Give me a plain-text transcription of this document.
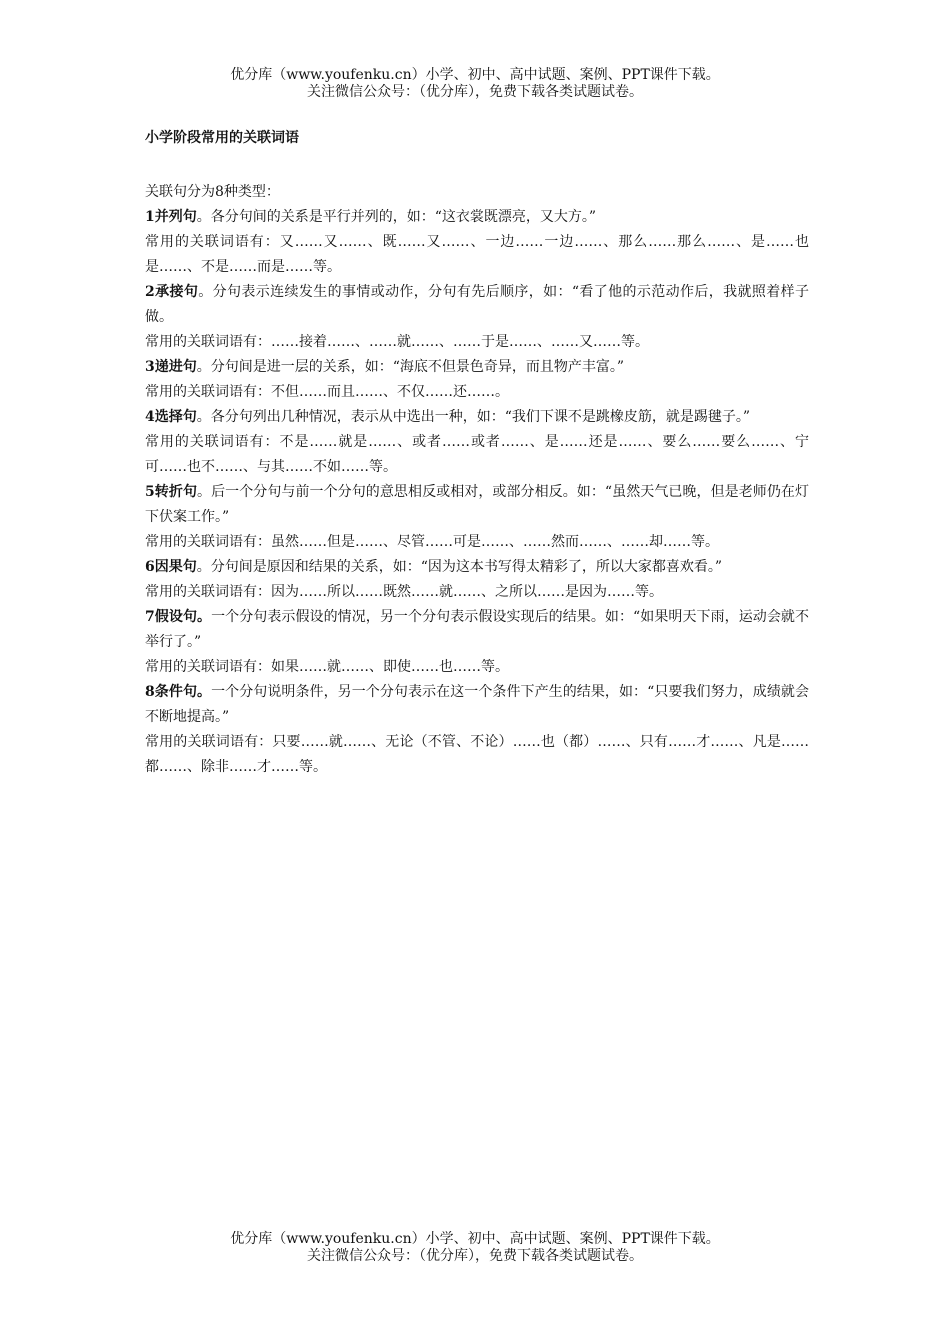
优分库（www.youfenku.cn）小学、初中、高中试题、案例、PPT课件下载。
关注微信公众号：（优分库），免费下载各类试题试卷。
小学阶段常用的关联词语

关联句分为8种类型：

1并列句。各分句间的关系是平行并列的，如：“这衣裳既漂亮，又大方。”

常用的关联词语有：又……又……、既……又……、一边……一边……、那么……那么……、是……也是……、不是……而是……等。

2承接句。分句表示连续发生的事情或动作，分句有先后顺序，如：“看了他的示范动作后，我就照着样子做。

常用的关联词语有：……接着……、……就……、……于是……、……又……等。

3递进句。分句间是进一层的关系，如：“海底不但景色奇异，而且物产丰富。”

常用的关联词语有：不但……而且……、不仅……还……。

4选择句。各分句列出几种情况，表示从中选出一种，如：“我们下课不是跳橡皮筋，就是踢毽子。”

常用的关联词语有：不是……就是……、或者……或者……、是……还是……、要么……要么……、宁可……也不……、与其……不如……等。

5转折句。后一个分句与前一个分句的意思相反或相对，或部分相反。如：“虽然天气已晚，但是老师仍在灯下伏案工作。”

常用的关联词语有：虽然……但是……、尽管……可是……、……然而……、……却……等。

6因果句。分句间是原因和结果的关系，如：“因为这本书写得太精彩了，所以大家都喜欢看。”

常用的关联词语有：因为……所以……既然……就……、之所以……是因为……等。

7假设句。一个分句表示假设的情况，另一个分句表示假设实现后的结果。如：“如果明天下雨，运动会就不举行了。”

常用的关联词语有：如果……就……、即使……也……等。

8条件句。一个分句说明条件，另一个分句表示在这一个条件下产生的结果，如：“只要我们努力，成绩就会不断地提高。”

常用的关联词语有：只要……就……、无论（不管、不论）……也（都）……、只有……才……、凡是……都……、除非……才……等。

优分库（www.youfenku.cn）小学、初中、高中试题、案例、PPT课件下载。
关注微信公众号：（优分库），免费下载各类试题试卷。
